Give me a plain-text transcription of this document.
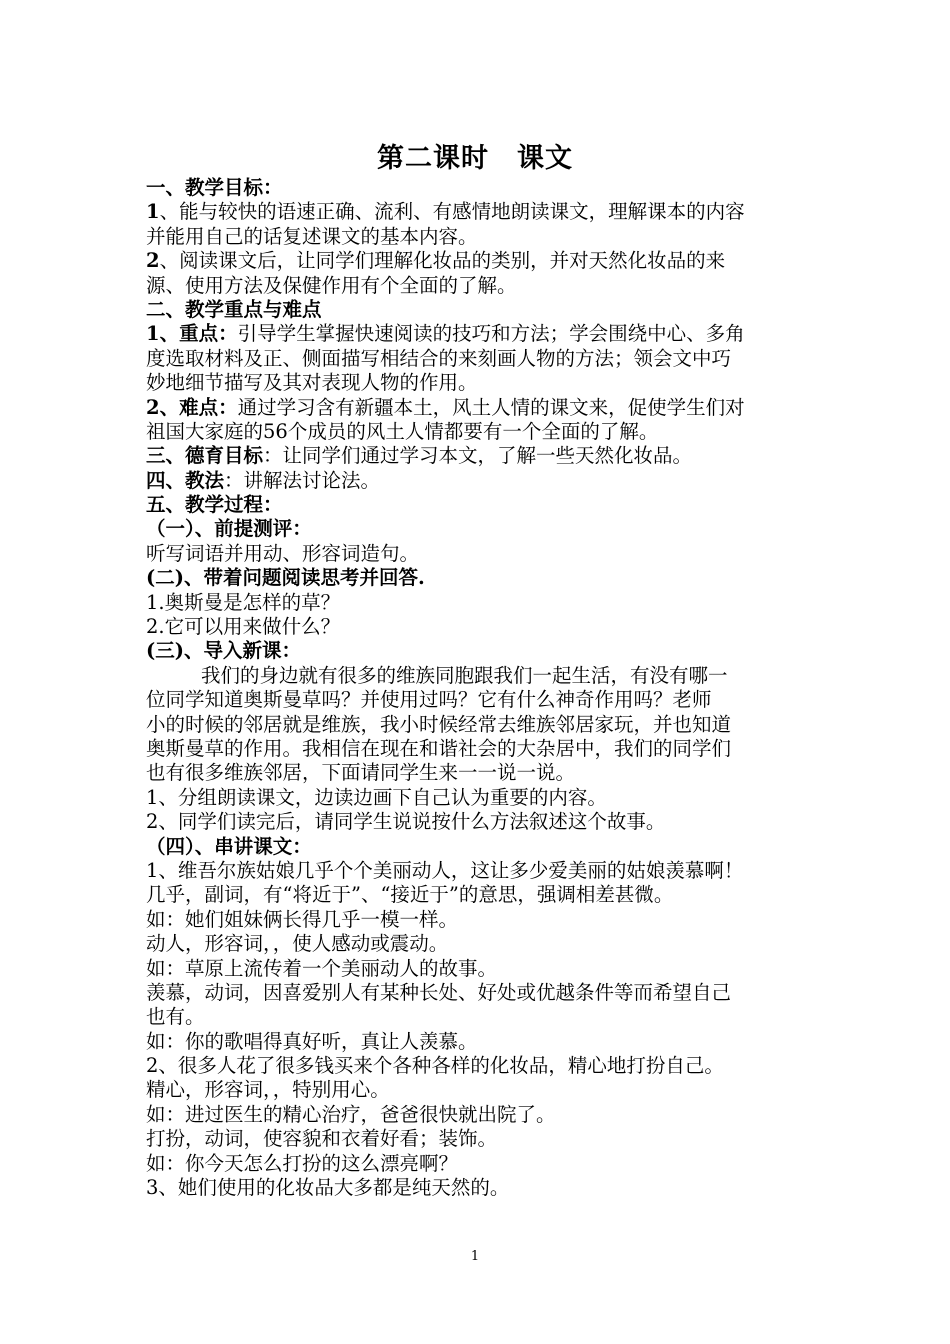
第二课时　课文
一、教学目标：
1、能与较快的语速正确、流利、有感情地朗读课文，理解课本的内容
并能用自己的话复述课文的基本内容。
2、阅读课文后，让同学们理解化妆品的类别，并对天然化妆品的来
源、使用方法及保健作用有个全面的了解。
二、教学重点与难点
1、重点：引导学生掌握快速阅读的技巧和方法；学会围绕中心、多角
度选取材料及正、侧面描写相结合的来刻画人物的方法；领会文中巧
妙地细节描写及其对表现人物的作用。
2、难点：通过学习含有新疆本土，风土人情的课文来，促使学生们对
祖国大家庭的56个成员的风土人情都要有一个全面的了解。
三、德育目标：让同学们通过学习本文，了解一些天然化妆品。
四、教法：讲解法讨论法。
五、教学过程：
（一）、前提测评：
听写词语并用动、形容词造句。
(二)、带着问题阅读思考并回答.
1.奥斯曼是怎样的草？
2.它可以用来做什么？
(三)、导入新课：
我们的身边就有很多的维族同胞跟我们一起生活，有没有哪一
位同学知道奥斯曼草吗？并使用过吗？它有什么神奇作用吗？老师
小的时候的邻居就是维族，我小时候经常去维族邻居家玩，并也知道
奥斯曼草的作用。我相信在现在和谐社会的大杂居中，我们的同学们
也有很多维族邻居，下面请同学生来一一说一说。
1、分组朗读课文，边读边画下自己认为重要的内容。
2、同学们读完后，请同学生说说按什么方法叙述这个故事。
（四）、串讲课文：
1、维吾尔族姑娘几乎个个美丽动人，这让多少爱美丽的姑娘羡慕啊！
几乎，副词，有“将近于”、“接近于”的意思，强调相差甚微。
如：她们姐妹俩长得几乎一模一样。
动人，形容词，，使人感动或震动。
如：草原上流传着一个美丽动人的故事。
羡慕，动词，因喜爱别人有某种长处、好处或优越条件等而希望自己
也有。
如：你的歌唱得真好听，真让人羡慕。
2、很多人花了很多钱买来个各种各样的化妆品，精心地打扮自己。
精心，形容词，，特别用心。
如：进过医生的精心治疗，爸爸很快就出院了。
打扮，动词，使容貌和衣着好看；装饰。
如：你今天怎么打扮的这么漂亮啊？
3、她们使用的化妆品大多都是纯天然的。
1
